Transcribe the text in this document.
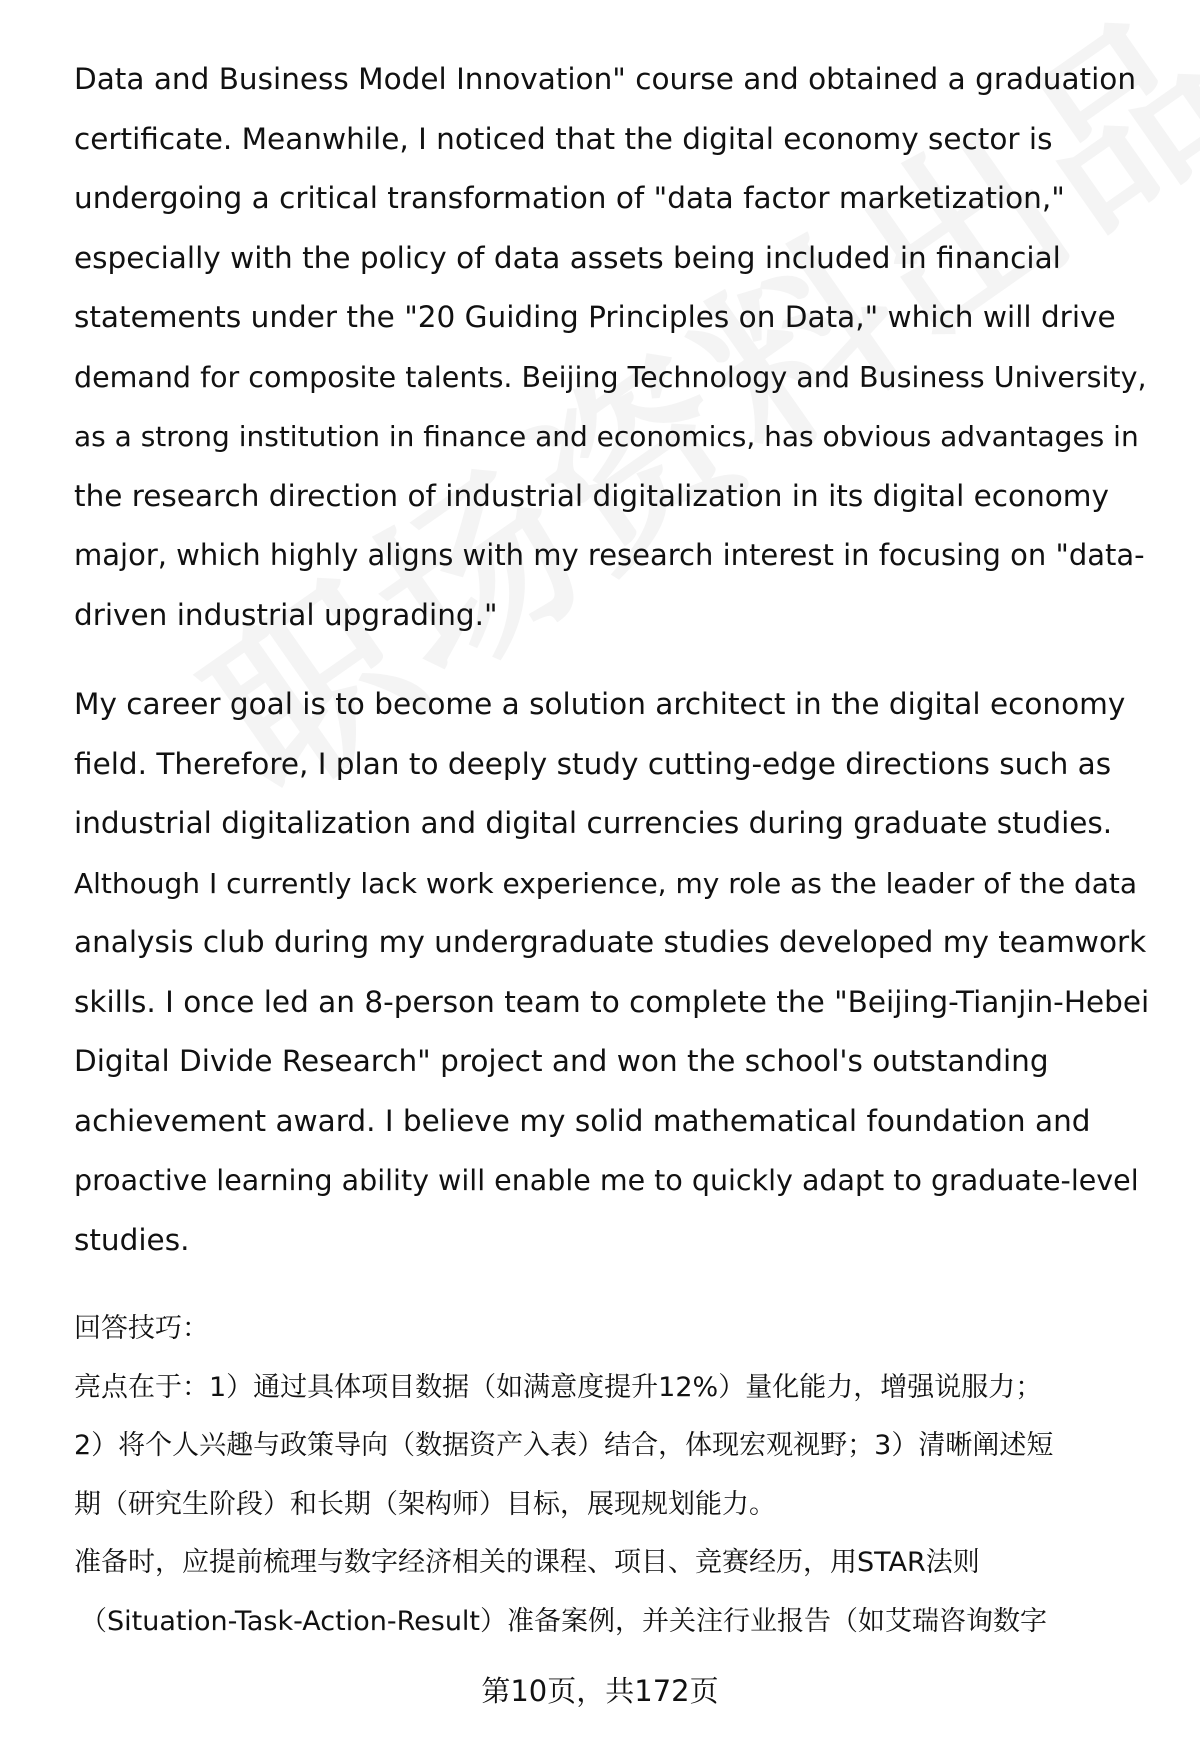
Data and Business Model Innovation" course and obtained a graduation
certificate. Meanwhile, I noticed that the digital economy sector is
undergoing a critical transformation of "data factor marketization,"
especially with the policy of data assets being included in financial
statements under the "20 Guiding Principles on Data," which will drive
demand for composite talents. Beijing Technology and Business University,
as a strong institution in finance and economics, has obvious advantages in
the research direction of industrial digitalization in its digital economy
major, which highly aligns with my research interest in focusing on "data-
driven industrial upgrading."
My career goal is to become a solution architect in the digital economy
field. Therefore, I plan to deeply study cutting-edge directions such as
industrial digitalization and digital currencies during graduate studies.
Although I currently lack work experience, my role as the leader of the data
analysis club during my undergraduate studies developed my teamwork
skills. I once led an 8-person team to complete the "Beijing-Tianjin-Hebei
Digital Divide Research" project and won the school's outstanding
achievement award. I believe my solid mathematical foundation and
proactive learning ability will enable me to quickly adapt to graduate-level
studies.
回答技巧：
亮点在于：1）通过具体项目数据（如满意度提升12%）量化能力，增强说服力；
2）将个人兴趣与政策导向（数据资产入表）结合，体现宏观视野；3）清晰阐述短
期（研究生阶段）和长期（架构师）目标，展现规划能力。
准备时，应提前梳理与数字经济相关的课程、项目、竞赛经历，用STAR法则
（Situation-Task-Action-Result）准备案例，并关注行业报告（如艾瑞咨询数字
第10页，共172页
